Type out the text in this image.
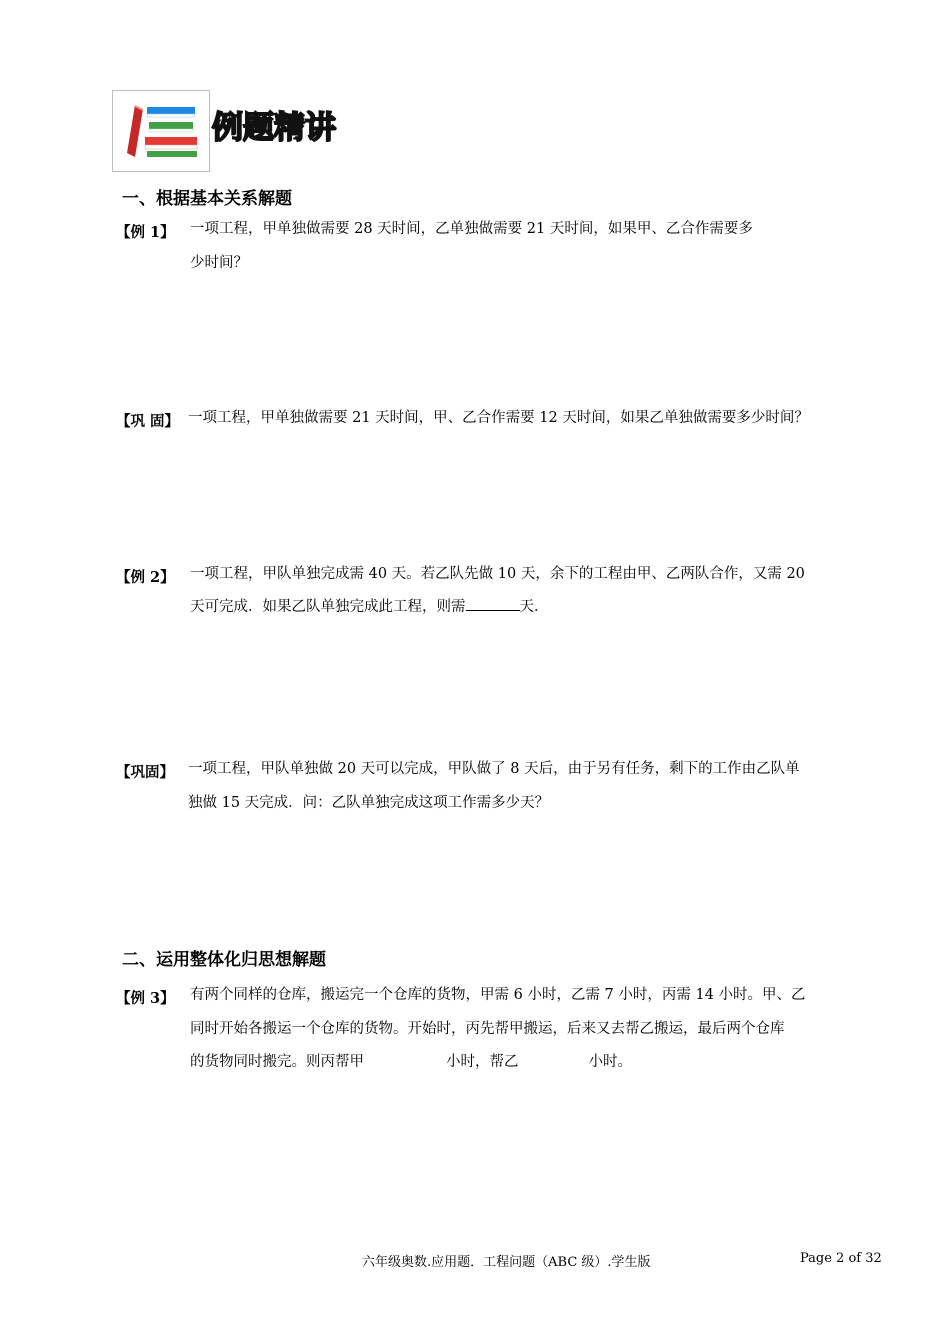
例题精讲
一、根据基本关系解题
【例 1】 一项工程，甲单独做需要 28 天时间，乙单独做需要 21 天时间，如果甲、乙合作需要多
少时间？
【巩 固】 一项工程，甲单独做需要 21 天时间，甲、乙合作需要 12 天时间，如果乙单独做需要多少时间？
【例 2】 一项工程，甲队单独完成需 40 天。若乙队先做 10 天，余下的工程由甲、乙两队合作，又需 20
天可完成．如果乙队单独完成此工程，则需	天．
【巩固】 一项工程，甲队单独做 20 天可以完成，甲队做了 8 天后，由于另有任务，剩下的工作由乙队单
独做 15 天完成．问：乙队单独完成这项工作需多少天？
二、运用整体化归思想解题
【例 3】 有两个同样的仓库，搬运完一个仓库的货物，甲需 6 小时，乙需 7 小时，丙需 14 小时。甲、乙
同时开始各搬运一个仓库的货物。开始时，丙先帮甲搬运，后来又去帮乙搬运，最后两个仓库
的货物同时搬完。则丙帮甲	小时，帮乙	小时。
六年级奥数.应用题．工程问题（ABC 级）.学生版	Page 2 of 32
